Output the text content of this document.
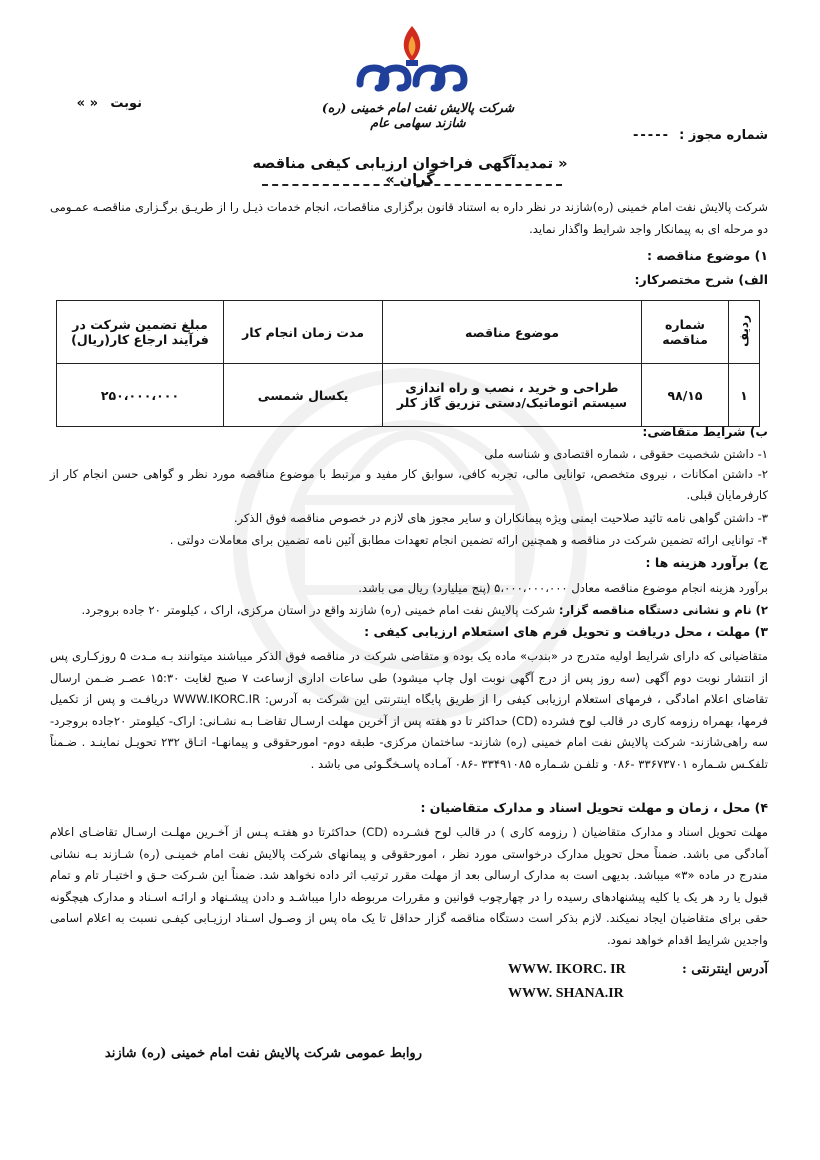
شرکت پالایش نفت امام خمینی (ره) شازند سهامی عام
نوبت
« »
شماره مجوز :
-----
« تمدیدآگهی فراخوان ارزیابی کیفی مناقصه گران »
شرکت پالایش نفت امام خمینی (ره)شازند در نظر داره به استناد قانون برگزاری مناقصات، انجام خدمات ذیـل را از طریـق برگـزاری مناقصـه عمـومی دو مرحله ای به پیمانکار واجد شرایط واگذار نماید.
۱) موضوع مناقصه :
الف) شرح مختصرکار:
ردیف	شماره مناقصه	موضوع مناقصه	مدت زمان انجام کار	مبلغ تضمین شرکت در فرآیند ارجاع کار(ریال)
۱	۹۸/۱۵	طراحی و خرید ، نصب و راه اندازی سیستم اتوماتیک/دستی تزریق گاز کلر	یکسال شمسی	۲۵۰،۰۰۰،۰۰۰
ب) شرایط متقاضی:
۱- داشتن شخصیت حقوقی ، شماره اقتصادی و شناسه ملی
۲- داشتن امکانات ، نیروی متخصص، توانایی مالی، تجربه کافی، سوابق کار مفید و مرتبط با موضوع مناقصه مورد نظر و گواهی حسن انجام کار از کارفرمایان قبلی.
۳- داشتن گواهی نامه تائید صلاحیت ایمنی ویژه پیمانکاران و سایر مجوز های لازم در خصوص مناقصه فوق الذکر.
۴- توانایی ارائه تضمین شرکت در مناقصه و همچنین ارائه تضمین انجام تعهدات مطابق آئین نامه تضمین برای معاملات دولتی .
ج) برآورد هزینه ها :
برآورد هزینه انجام موضوع مناقصه معادل ۵،۰۰۰،۰۰۰،۰۰۰ (پنج میلیارد) ریال می باشد.
۲) نام و نشانی دستگاه مناقصه گزار: شرکت پالایش نفت امام خمینی (ره) شازند واقع در استان مرکزی، اراک ، کیلومتر ۲۰ جاده بروجرد.
۳) مهلت ، محل دریافت و تحویل فرم های استعلام ارزیابی کیفی :
متقاضیانی که دارای شرایط اولیه متدرج در «بندب» ماده یک بوده و متقاضی شرکت در مناقصه فوق الذکر میباشند میتوانند بـه مـدت ۵ روزکـاری پس از انتشار نوبت دوم آگهی (سه روز پس از درج آگهی نوبت اول چاپ میشود) طی ساعات اداری ازساعت ۷ صبح لغایت ۱۵:۳۰ عصـر ضـمن ارسال تقاضای اعلام امادگی ، فرمهای استعلام ارزیابی کیفی را از طریق پایگاه اینترنتی این شرکت به آدرس: WWW.IKORC.IR دریافـت و پس از تکمیل فرمها، بهمراه رزومه کاری در قالب لوح فشرده (CD) حداکثر تا دو هفته پس از آخرین مهلت ارسـال تقاضـا بـه نشـانی: اراک- کیلومتر ۲۰جاده بروجرد- سه راهی‌شازند- شرکت پالایش نفت امام خمینی (ره) شازند- ساختمان مرکزی- طبقه دوم- امورحقوقی و پیمانهـا- اتـاق ۲۳۲ تحویـل نماینـد . ضـمناً تلفکـس شـماره ۳۳۶۷۳۷۰۱ -۰۸۶ و تلفـن شـماره ۳۳۴۹۱۰۸۵ -۰۸۶ آمـاده پاسـخگـوئی می باشد .
۴) محل ، زمان و مهلت تحویل اسناد و مدارک متقاضیان :
مهلت تحویل اسناد و مدارک متقاضیان ( رزومه کاری ) در قالب لوح فشـرده (CD) حداکثرتا دو هفتـه پـس از آخـرین مهلـت ارسـال تقاضـای اعلام آمادگی می باشد. ضمناً محل تحویل مدارک درخواستی مورد نظر ، امورحقوقی و پیمانهای شرکت پالایش نفت امام خمینـی (ره) شـازند بـه نشانی مندرج در ماده «۳» میباشد. بدیهی است به مدارک ارسالی بعد از مهلت مقرر ترتیب اثر داده نخواهد شد. ضمناً این شـرکت حـق و اختیـار تام و تمام قبول یا رد هر یک یا کلیه پیشنهادهای رسیده را در چهارچوب قوانین و مقررات مربوطه دارا میباشـد و دادن پیشـنهاد و ارائـه اسـناد و مدارک هیچگونه حقی برای متقاضیان ایجاد نمیکند. لازم بذکر است دستگاه مناقصه گزار حداقل تا یک ماه پس از وصـول اسـناد ارزیـابی کیفـی نسبت به اعلام اسامی واجدین شرایط اقدام خواهد نمود.
آدرس اینترنتی :
WWW. IKORC. IR
WWW. SHANA.IR
روابط عمومی شرکت پالایش نفت امام خمینی (ره) شازند
